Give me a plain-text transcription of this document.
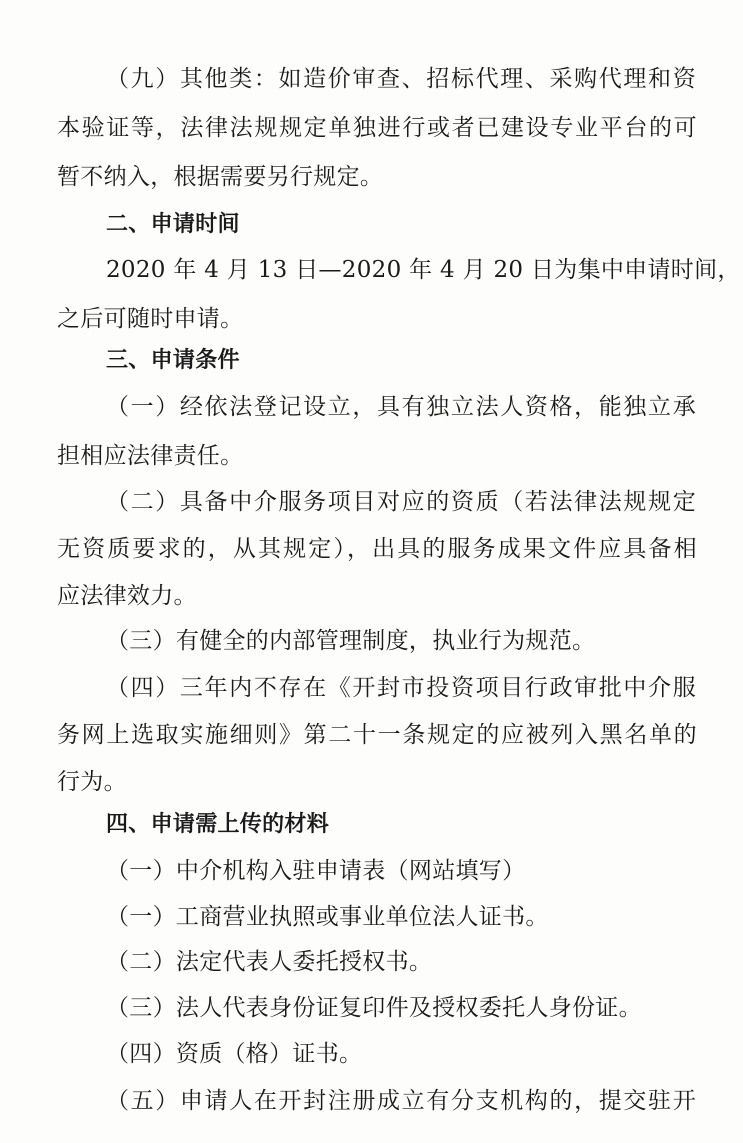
（九）其他类：如造价审查、招标代理、采购代理和资
本验证等，法律法规规定单独进行或者已建设专业平台的可
暂不纳入，根据需要另行规定。
二、申请时间
2020 年 4 月 13 日—2020 年 4 月 20 日为集中申请时间，
之后可随时申请。
三、申请条件
（一）经依法登记设立，具有独立法人资格，能独立承
担相应法律责任。
（二）具备中介服务项目对应的资质（若法律法规规定
无资质要求的，从其规定），出具的服务成果文件应具备相
应法律效力。
（三）有健全的内部管理制度，执业行为规范。
（四）三年内不存在《开封市投资项目行政审批中介服
务网上选取实施细则》第二十一条规定的应被列入黑名单的
行为。
四、申请需上传的材料
（一）中介机构入驻申请表（网站填写）
（一）工商营业执照或事业单位法人证书。
（二）法定代表人委托授权书。
（三）法人代表身份证复印件及授权委托人身份证。
（四）资质（格）证书。
（五）申请人在开封注册成立有分支机构的，提交驻开
